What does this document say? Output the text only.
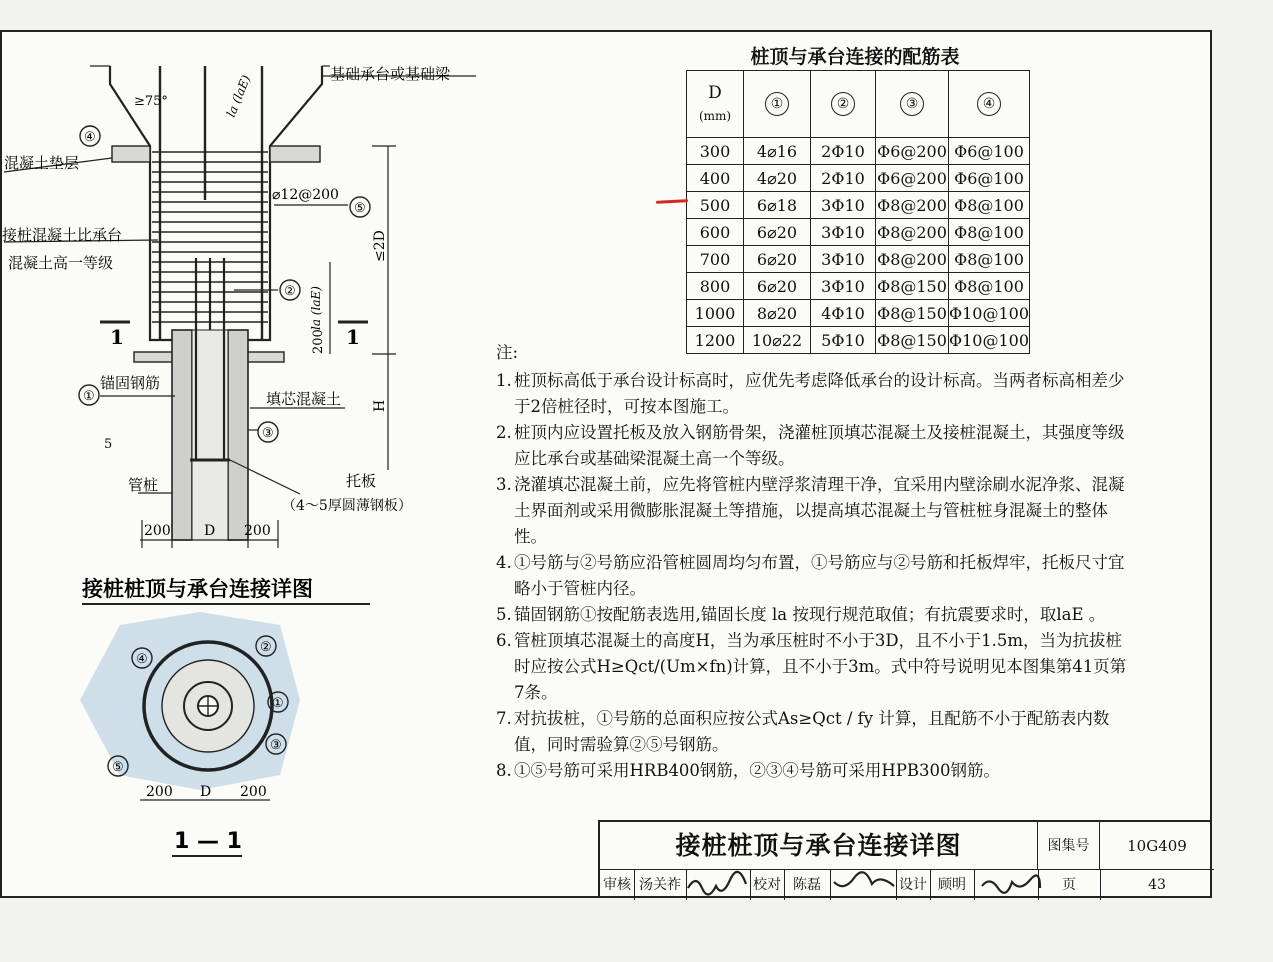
1	1
④
⑤
②
①
③
5
基础承台或基础梁
混凝土垫层
接桩混凝土比承台
混凝土高一等级
锚固钢筋
填芯混凝土
管桩	托板
（4～5厚圆薄钢板）
≥75°	la (laE)
la (laE)
⌀12@200
≤2D
H
200
200 D 200
接桩桩顶与承台连接详图
④
②
①
③
⑤
200 D 200
1 — 1
桩顶与承台连接的配筋表
D
(mm)	①	②	③	④
300	4⌀16	2Φ10	Φ6@200	Φ6@100
400	4⌀20	2Φ10	Φ6@200	Φ6@100
500	6⌀18	3Φ10	Φ8@200	Φ8@100
600	6⌀20	3Φ10	Φ8@200	Φ8@100
700	6⌀20	3Φ10	Φ8@200	Φ8@100
800	6⌀20	3Φ10	Φ8@150	Φ8@100
1000	8⌀20	4Φ10	Φ8@150	Φ10@100
1200	10⌀22	5Φ10	Φ8@150	Φ10@100
注:
1. 桩顶标高低于承台设计标高时，应优先考虑降低承台的设计标高。当两者标高相差少于2倍桩径时，可按本图施工。
2. 桩顶内应设置托板及放入钢筋骨架，浇灌桩顶填芯混凝土及接桩混凝土，其强度等级应比承台或基础梁混凝土高一个等级。
3. 浇灌填芯混凝土前，应先将管桩内壁浮浆清理干净，宜采用内壁涂刷水泥净浆、混凝土界面剂或采用微膨胀混凝土等措施，以提高填芯混凝土与管桩桩身混凝土的整体性。
4. ①号筋与②号筋应沿管桩圆周均匀布置，①号筋应与②号筋和托板焊牢，托板尺寸宜略小于管桩内径。
5. 锚固钢筋①按配筋表选用,锚固长度 la 按现行规范取值；有抗震要求时，取laE 。
6. 管桩顶填芯混凝土的高度H，当为承压桩时不小于3D，且不小于1.5m，当为抗拔桩时应按公式H≥Qct/(Um×fn)计算，且不小于3m。式中符号说明见本图集第41页第7条。
7. 对抗拔桩，①号筋的总面积应按公式As≥Qct / fy 计算，且配筋不小于配筋表内数值，同时需验算②⑤号钢筋。
8. ①⑤号筋可采用HRB400钢筋，②③④号筋可采用HPB300钢筋。
接桩桩顶与承台连接详图	图集号	10G409
审核 汤关祚	校对 陈磊	设计 顾明	页	43
